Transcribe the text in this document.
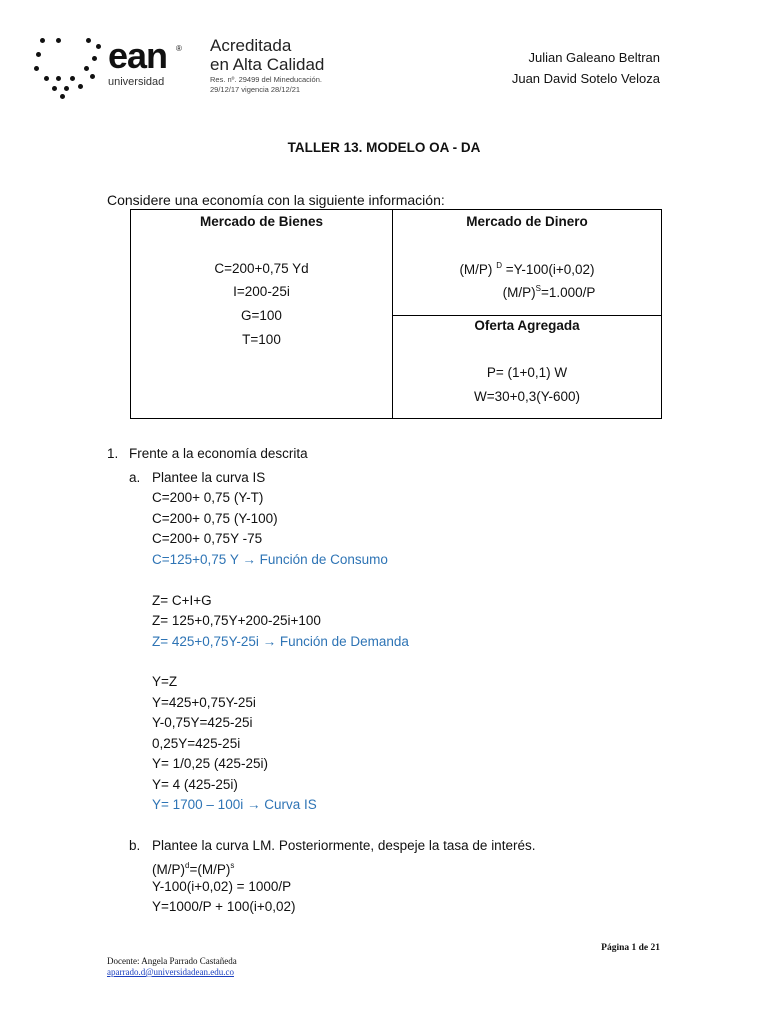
ean ®
universidad
Acreditada
en Alta Calidad
Res. nº. 29499 del Mineducación.
29/12/17 vigencia 28/12/21
Julian Galeano Beltran
Juan David Sotelo Veloza
TALLER 13. MODELO OA - DA
Considere una economía con la siguiente información:
Mercado de Bienes
C=200+0,75 Yd
I=200-25i
G=100
T=100
Mercado de Dinero
(M/P) $^D$ =Y-100(i+0,02)
$(M/P)^S=1.000/P$
Oferta Agregada
P= (1+0,1) W
W=30+0,3(Y-600)
1. Frente a la economía descrita
a. Plantee la curva IS
C=200+ 0,75 (Y-T)
C=200+ 0,75 (Y-100)
C=200+ 0,75Y -75
C=125+0,75 Y → Función de Consumo
Z= C+I+G
Z= 125+0,75Y+200-25i+100
Z= 425+0,75Y-25i → Función de Demanda
Y=Z
Y=425+0,75Y-25i
Y-0,75Y=425-25i
0,25Y=425-25i
Y= 1/0,25 (425-25i)
Y= 4 (425-25i)
Y= 1700 – 100i → Curva IS
b. Plantee la curva LM. Posteriormente, despeje la tasa de interés.
$(M/P)^d=(M/P)^s$
Y-100(i+0,02) = 1000/P
Y=1000/P + 100(i+0,02)
Página 1 de 21
Docente: Angela Parrado Castañeda
aparrado.d@universidadean.edu.co
